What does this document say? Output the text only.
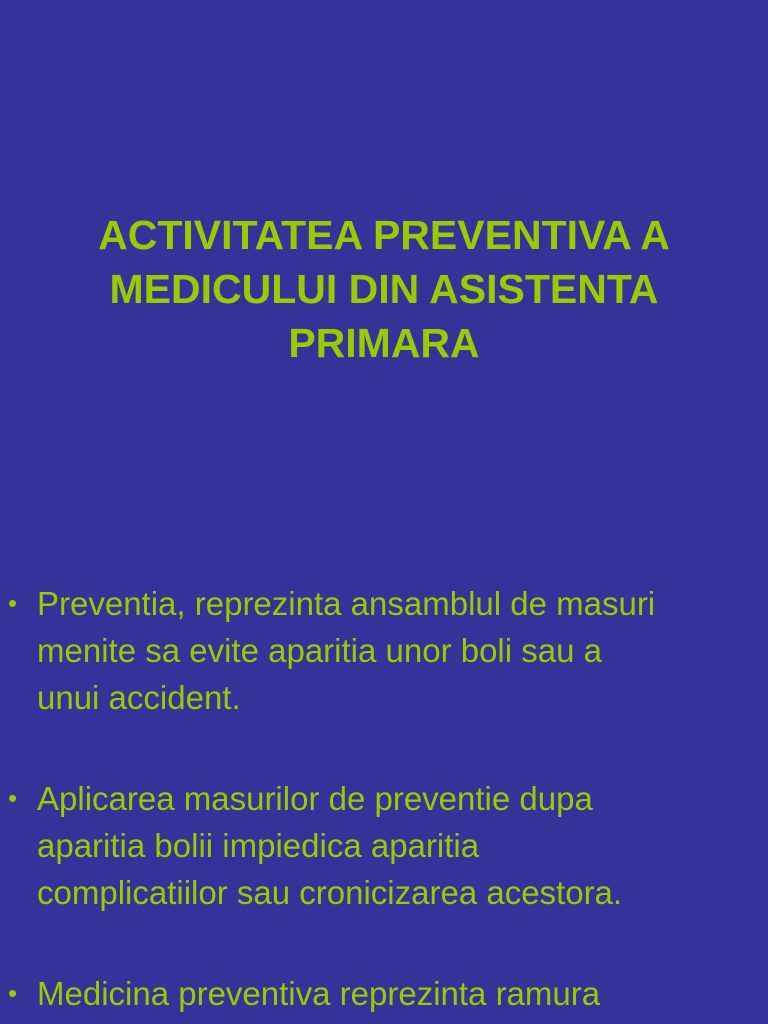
ACTIVITATEA PREVENTIVA A
MEDICULUI DIN ASISTENTA
PRIMARA
• Preventia, reprezinta ansamblul de masuri
menite sa evite aparitia unor boli sau a
unui accident.
• Aplicarea masurilor de preventie dupa
aparitia bolii impiedica aparitia
complicatiilor sau cronicizarea acestora.
• Medicina preventiva reprezinta ramura
